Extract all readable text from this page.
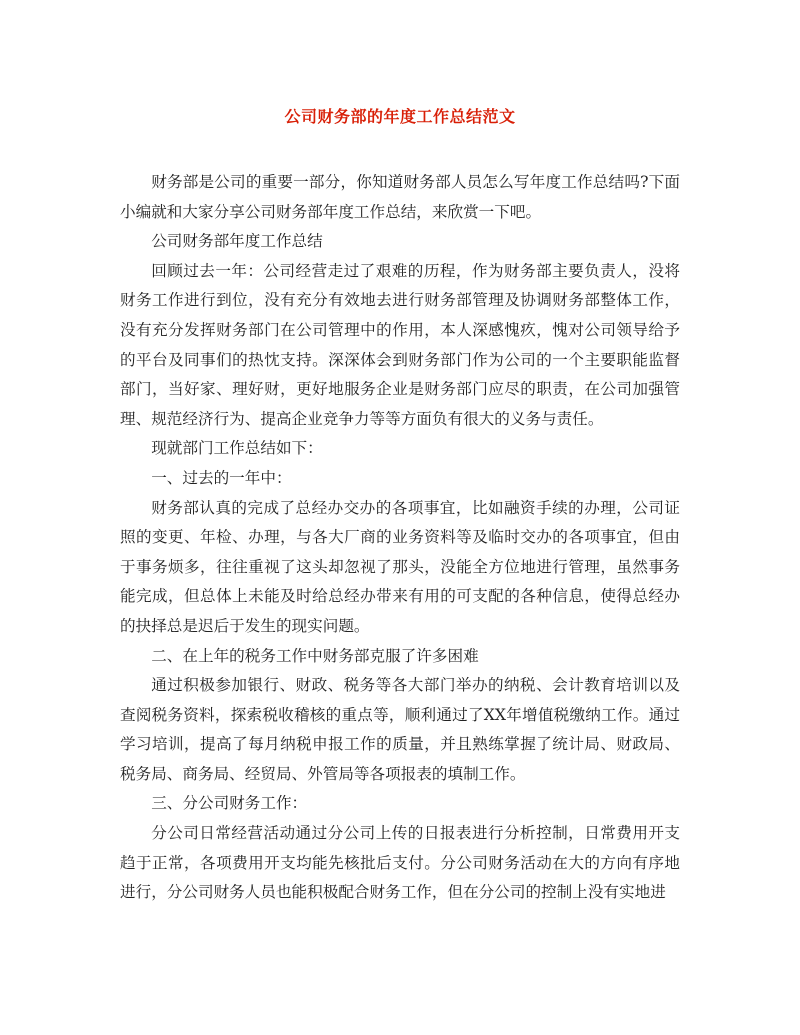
公司财务部的年度工作总结范文

财务部是公司的重要一部分，你知道财务部人员怎么写年度工作总结吗?下面小编就和大家分享公司财务部年度工作总结，来欣赏一下吧。

公司财务部年度工作总结

回顾过去一年：公司经营走过了艰难的历程，作为财务部主要负责人，没将财务工作进行到位，没有充分有效地去进行财务部管理及协调财务部整体工作，没有充分发挥财务部门在公司管理中的作用，本人深感愧疚，愧对公司领导给予的平台及同事们的热忱支持。深深体会到财务部门作为公司的一个主要职能监督部门，当好家、理好财，更好地服务企业是财务部门应尽的职责，在公司加强管理、规范经济行为、提高企业竞争力等等方面负有很大的义务与责任。

现就部门工作总结如下：

一、过去的一年中：

财务部认真的完成了总经办交办的各项事宜，比如融资手续的办理，公司证照的变更、年检、办理，与各大厂商的业务资料等及临时交办的各项事宜，但由于事务烦多，往往重视了这头却忽视了那头，没能全方位地进行管理，虽然事务能完成，但总体上未能及时给总经办带来有用的可支配的各种信息，使得总经办的抉择总是迟后于发生的现实问题。

二、在上年的税务工作中财务部克服了许多困难

通过积极参加银行、财政、税务等各大部门举办的纳税、会计教育培训以及查阅税务资料，探索税收稽核的重点等，顺利通过了XX年增值税缴纳工作。通过学习培训，提高了每月纳税申报工作的质量，并且熟练掌握了统计局、财政局、税务局、商务局、经贸局、外管局等各项报表的填制工作。

三、分公司财务工作：

分公司日常经营活动通过分公司上传的日报表进行分析控制，日常费用开支趋于正常，各项费用开支均能先核批后支付。分公司财务活动在大的方向有序地进行，分公司财务人员也能积极配合财务工作，但在分公司的控制上没有实地进
